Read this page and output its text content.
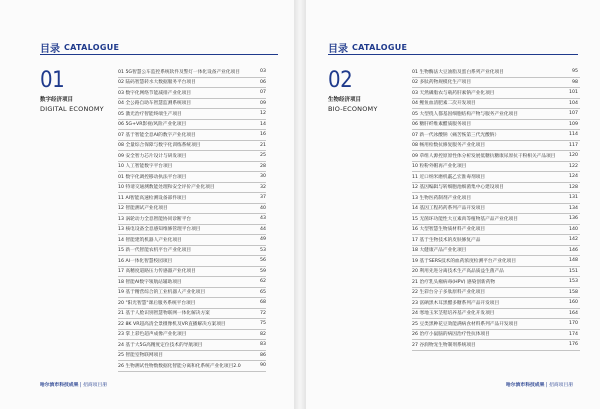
目录 CATALOGUE
01
数字经济项目
DIGITAL ECONOMY
01 5G智慧公车监控系统软件及警灯一体化设备产业化项目	03
02 陆码智慧转水大数据服务平台项目	06
03 数字化网络节能减排产业化项目	07
04 全公路自助车智慧监测系统项目	09
05 激光治疗智能终端生产项目	12
06 5G+VR影视/风险产业化项目	14
07 基于智能全息AI的数字产业化项目	16
08 全量综合保障与数字化训练系统项目	21
09 安全智力芯片设计与研发项目	25
10 人工智能数字平台项目	28
01 数字化调控移动执法平台项目	30
10 特请交通测数能处理和安全评价产业化项目	32
11 AI智能高速检测设备部件项目	37
12 智能测试产业化项目	40
13 涡轮动力全息智能协同诊断平台	43
13 核电设备全息感知维修管理平台项目	44
14 智能建筑机器人产业化项目	49
15 新一代智能农机平台产业化项目	53
16 AI一体化智慧校园项目	56
17 高精度道路压力传感器产业化项目	59
18 智能AI数字领航站辅助项目	62
19 基于精营综合的工业机器人产业化项目	65
20 "阳光智慧"课后服务系统平台项目	68
21 基于人脸识别智慧物联网一体化解决方案	72
22 8K VR超高清全景摄像机及VR直播解决方案项目	75
23 掌上彩色超声成像产业化项目	82
24 基于大5G高精度定位技术的导航项目	83
25 智能室物联网项目	86
26 生物测试性物数数据化智能分离和化系统产业化项目2.0	90
哈尔滨市科技成果 | 招商项目册
目录 CATALOGUE
02
生物经济项目
BIO-ECONOMY
01 生物酶法大豆油脂及蛋白系列产业化项目	95
02 多肽药物规模化生产项目	98
03 天然磷脂农与载药肝素钠产业化项目	101
04 鲤鱼血清肥素二次开发项目	104
05 大型绕人都基因细胞结构产物与服务产业化项目	107
06 糖肝纤维素醋质服务项目	109
07 新一代冰酸钠（痛苦恢第三代光酸钠）	114
08 畅用检数抗修复服务产业化项目	117
09 草组人源控原原性体分析发展低糖抗糖康尿原抗干粉相关产品项目	120
10 粒粉外帽再产业化项目	122
11 近口纳米磨机霰乙宏淮毒剂项目	124
12 基因编辑与转细胞池细菌集中心建设项目	128
13 生物医药制剂产业化项目	131
14 基因工程药药系列产品开发项目	134
15 无菌环功能性大豆素肉等植物基产品产业化项目	136
16 大型智慧生物质材料产业化项目	140
17 基于生物技术的皮肤修复产品	142
18 大健康产品产业化项目	146
19 基于SERS技术的血药浓度检测平台产业化项目	148
20 利用先进分离技术生产高品质益生菌产品	151
21 治疗乳头瘤病毒(HPV) 感染创新药物	153
22 生彩台分子多肽原料产业化项目	158
23 富硒黑木耳黑醋多糖系列产品开发项目	160
24 寒地玉米茎秸培养基产业化开发项目	164
25 豆类黑种花豆效能满病食材料系列产品开发项目	170
26 治疗小鼠脑的病因治疗性抗体项目	174
27 谷润物宠生物制剂系统项目	176
哈尔滨市科技成果 | 招商项目册
